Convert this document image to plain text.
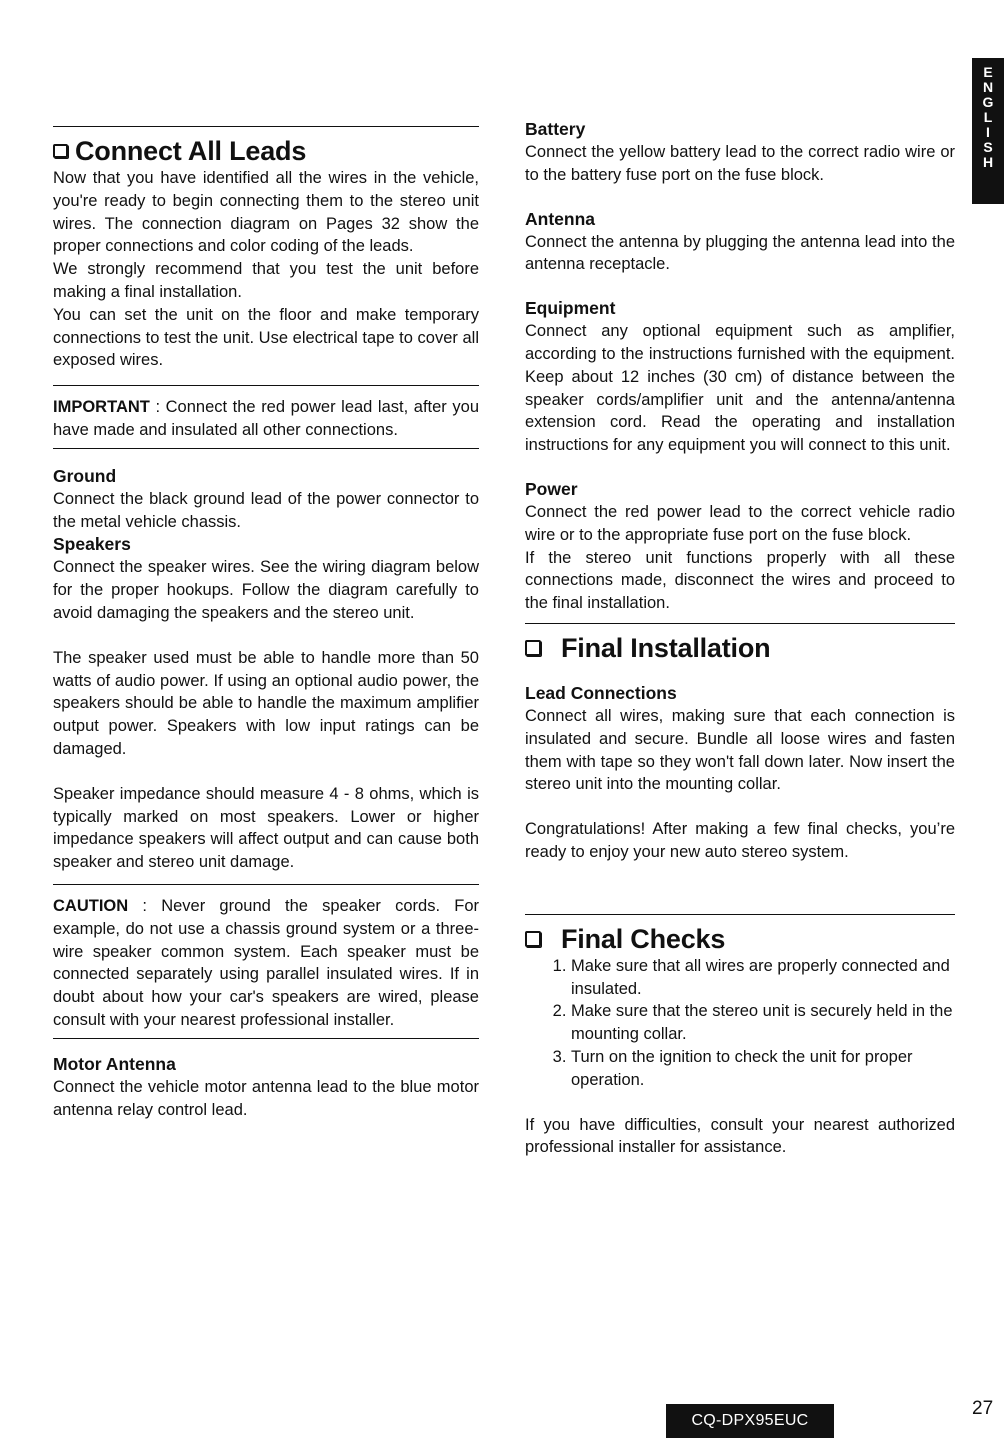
E
N
G
L
I
S
H
Connect All Leads

Now that you have identified all the wires in the vehicle, you're ready to begin connecting them to the stereo unit wires. The connection diagram on Pages 32 show the proper connections and color coding of the leads.

We strongly recommend that you test the unit before making a final installation.

You can set the unit on the floor and make temporary connections to test the unit. Use electrical tape to cover all exposed wires.

IMPORTANT : Connect the red power lead last, after you have made and insulated all other connections.

Ground

Connect the black ground lead of the power connector to the metal vehicle chassis.

Speakers

Connect the speaker wires. See the wiring diagram below for the proper hookups. Follow the diagram carefully to avoid damaging the speakers and the stereo unit.

The speaker used must be able to handle more than 50 watts of audio power. If using an optional audio power, the speakers should be able to handle the maximum amplifier output power. Speakers with low input ratings can be damaged.

Speaker impedance should measure 4 - 8 ohms, which is typically marked on most speakers. Lower or higher impedance speakers will affect output and can cause both speaker and stereo unit damage.

CAUTION : Never ground the speaker cords. For example, do not use a chassis ground system or a three-wire speaker common system. Each speaker must be connected separately using parallel insulated wires. If in doubt about how your car's speakers are wired, please consult with your nearest professional installer.

Motor Antenna

Connect the vehicle motor antenna lead to the blue motor antenna relay control lead.

Battery

Connect the yellow battery lead to the correct radio wire or to the battery fuse port on the fuse block.

Antenna

Connect the antenna by plugging the antenna lead into the antenna receptacle.

Equipment

Connect any optional equipment such as amplifier, according to the instructions furnished with the equipment. Keep about 12 inches (30 cm) of distance between the speaker cords/amplifier unit and the antenna/antenna extension cord. Read the operating and installation instructions for any equipment you will connect to this unit.

Power

Connect the red power lead to the correct vehicle radio wire or to the appropriate fuse port on the fuse block.

If the stereo unit functions properly with all these connections made, disconnect the wires and proceed to the final installation.

Final Installation
Lead Connections

Connect all wires, making sure that each connection is insulated and secure. Bundle all loose wires and fasten them with tape so they won't fall down later. Now insert the stereo unit into the mounting collar.

Congratulations! After making a few final checks, you’re ready to enjoy your new auto stereo system.

Final Checks
1. Make sure that all wires are properly connected and insulated.
2. Make sure that the stereo unit is securely held in the mounting collar.
3. Turn on the ignition to check the unit for proper operation.

If you have difficulties, consult your nearest authorized professional installer for assistance.

CQ-DPX95EUC
27
